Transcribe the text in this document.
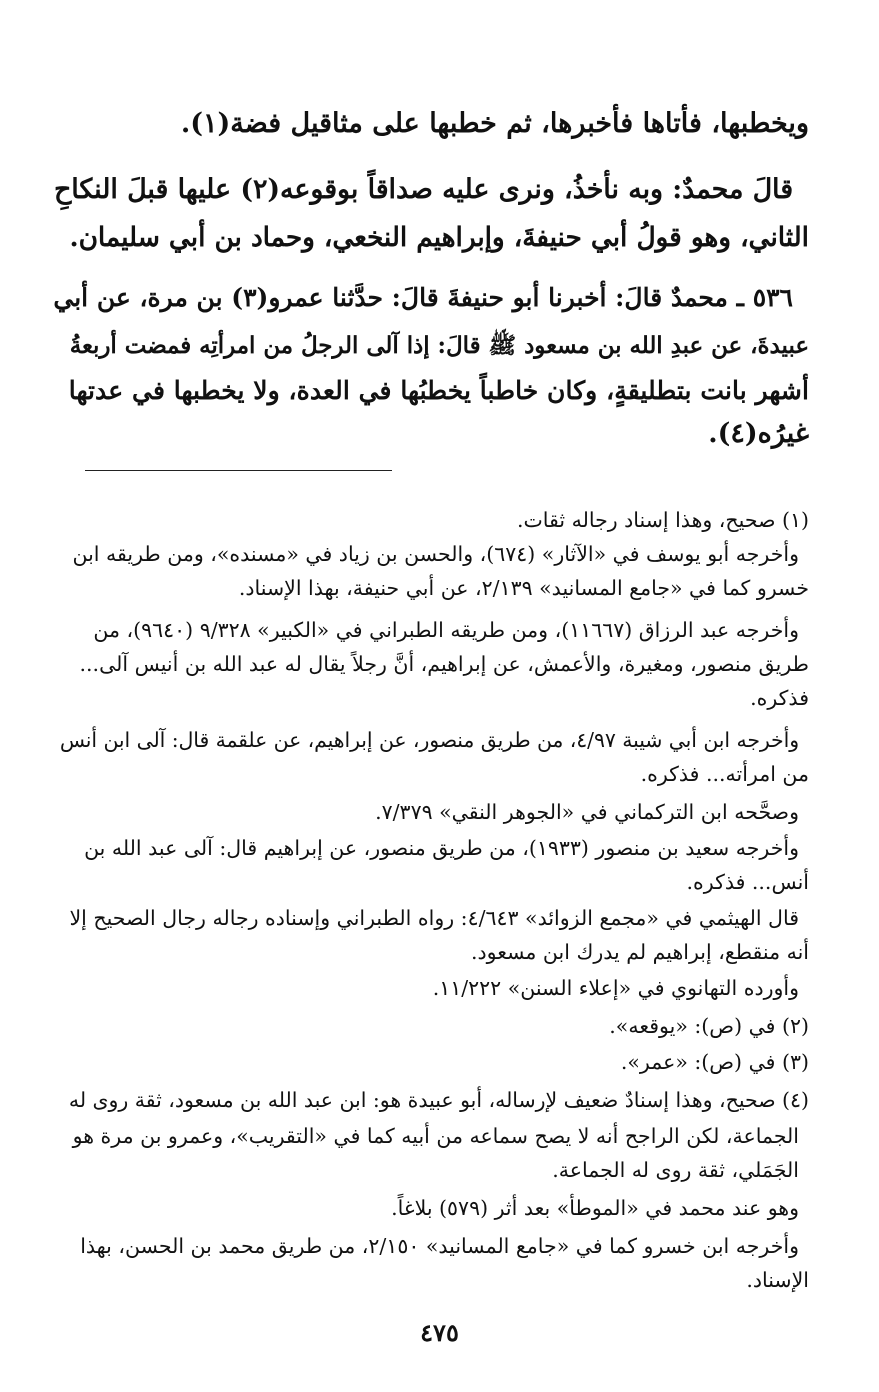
ويخطبها، فأتاها فأخبرها، ثم خطبها على مثاقيل فضة(١).
قالَ محمدٌ: وبه نأخذُ، ونرى عليه صداقاً بوقوعه(٢) عليها قبلَ النكاحِ
الثاني، وهو قولُ أبي حنيفةَ، وإبراهيم النخعي، وحماد بن أبي سليمان.
٥٣٦ ـ محمدٌ قالَ: أخبرنا أبو حنيفةَ قالَ: حدَّثنا عمرو(٣) بن مرة، عن أبي
عبيدةَ، عن عبدِ الله بن مسعود ﷺ قالَ: إذا آلى الرجلُ من امرأتِه فمضت أربعةُ
أشهر بانت بتطليقةٍ، وكان خاطباً يخطبُها في العدة، ولا يخطبها في عدتها
غيرُه(٤).
(١) صحيح، وهذا إسناد رجاله ثقات.
وأخرجه أبو يوسف في «الآثار» (٦٧٤)، والحسن بن زياد في «مسنده»، ومن طريقه ابن
خسرو كما في «جامع المسانيد» ٢/١٣٩، عن أبي حنيفة، بهذا الإسناد.
وأخرجه عبد الرزاق (١١٦٦٧)، ومن طريقه الطبراني في «الكبير» ٩/٣٢٨ (٩٦٤٠)، من
طريق منصور، ومغيرة، والأعمش، عن إبراهيم، أنَّ رجلاً يقال له عبد الله بن أنيس آلى...
فذكره.
وأخرجه ابن أبي شيبة ٤/٩٧، من طريق منصور، عن إبراهيم، عن علقمة قال: آلى ابن أنس
من امرأته... فذكره.
وصحَّحه ابن التركماني في «الجوهر النقي» ٧/٣٧٩.
وأخرجه سعيد بن منصور (١٩٣٣)، من طريق منصور، عن إبراهيم قال: آلى عبد الله بن
أنس... فذكره.
قال الهيثمي في «مجمع الزوائد» ٤/٦٤٣: رواه الطبراني وإسناده رجاله رجال الصحيح إلا
أنه منقطع، إبراهيم لم يدرك ابن مسعود.
وأورده التهانوي في «إعلاء السنن» ١١/٢٢٢.
(٢) في (ص): «يوقعه».
(٣) في (ص): «عمر».
(٤) صحيح، وهذا إسنادٌ ضعيف لإرساله، أبو عبيدة هو: ابن عبد الله بن مسعود، ثقة روى له
الجماعة، لكن الراجح أنه لا يصح سماعه من أبيه كما في «التقريب»، وعمرو بن مرة هو
الجَمَلي، ثقة روى له الجماعة.
وهو عند محمد في «الموطأ» بعد أثر (٥٧٩) بلاغاً.
وأخرجه ابن خسرو كما في «جامع المسانيد» ٢/١٥٠، من طريق محمد بن الحسن، بهذا
الإسناد.
٤٧٥
